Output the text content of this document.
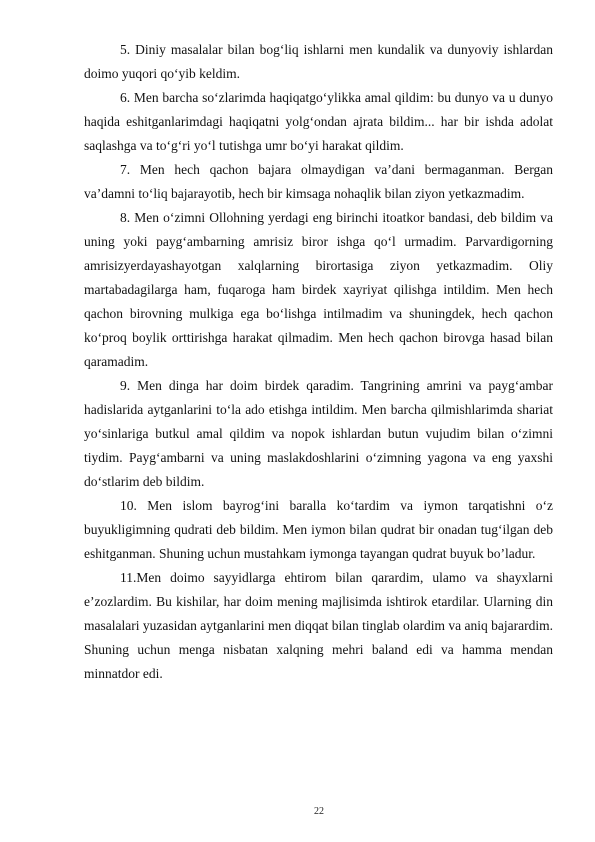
5. Diniy masalalar bilan bog‘liq ishlarni men kundalik va dunyoviy ishlardan doimo yuqori qo‘yib keldim.

6. Men barcha so‘zlarimda haqiqatgo‘ylikka amal qildim: bu dunyo va u dunyo haqida eshitganlarimdagi haqiqatni yolg‘ondan ajrata bildim... har bir ishda adolat saqlashga va to‘g‘ri yo‘l tutishga umr bo‘yi harakat qildim.

7. Men hech qachon bajara olmaydigan va’dani bermaganman. Bergan va’damni to‘liq bajarayotib, hech bir kimsaga nohaqlik bilan ziyon yetkazmadim.

8. Men o‘zimni Ollohning yerdagi eng birinchi itoatkor bandasi, deb bildim va uning yoki payg‘ambarning amrisiz biror ishga qo‘l urmadim. Parvardigorning amrisizyerdayashayotgan xalqlarning birortasiga ziyon yetkazmadim. Oliy martabadagilarga ham, fuqaroga ham birdek xayriyat qilishga intildim. Men hech qachon birovning mulkiga ega bo‘lishga intilmadim va shuningdek, hech qachon ko‘proq boylik orttirishga harakat qilmadim. Men hech qachon birovga hasad bilan qaramadim.

9. Men dinga har doim birdek qaradim. Tangrining amrini va payg‘ambar hadislarida aytganlarini to‘la ado etishga intildim. Men barcha qilmishlarimda shariat yo‘sinlariga butkul amal qildim va nopok ishlardan butun vujudim bilan o‘zimni tiydim. Payg‘ambarni va uning maslakdoshlarini o‘zimning yagona va eng yaxshi do‘stlarim deb bildim.

10. Men islom bayrog‘ini baralla ko‘tardim va iymon tarqatishni o‘z buyukligimning qudrati deb bildim. Men iymon bilan qudrat bir onadan tug‘ilgan deb eshitganman. Shuning uchun mustahkam iymonga tayangan qudrat buyuk bo’ladur.

11.Men doimo sayyidlarga ehtirom bilan qarardim, ulamo va shayxlarni e’zozlardim. Bu kishilar, har doim mening majlisimda ishtirok etardilar. Ularning din masalalari yuzasidan aytganlarini men diqqat bilan tinglab olardim va aniq bajarardim. Shuning uchun menga nisbatan xalqning mehri baland edi va hamma mendan minnatdor edi.

22
